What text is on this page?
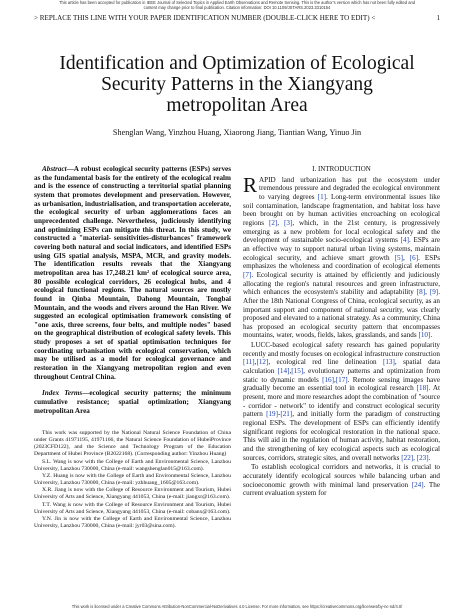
This article has been accepted for publication in IEEE Journal of Selected Topics in Applied Earth Observations and Remote Sensing. This is the author's version which has not been fully edited and
content may change prior to final publication. Citation information: DOI 10.1109/JSTARS.2023.3310154
> REPLACE THIS LINE WITH YOUR PAPER IDENTIFICATION NUMBER (DOUBLE-CLICK HERE TO EDIT) <	1
Identification and Optimization of Ecological
Security Patterns in the Xiangyang
metropolitan Area
Shenglan Wang, Yinzhou Huang, Xiaorong Jiang, Tiantian Wang, Yinuo Jin

Abstract—A robust ecological security patterns (ESPs) serves as the fundamental basis for the entirety of the ecological realm and is the essence of constructing a territorial spatial planning system that promotes development and preservation. However, as urbanisation, industrialisation, and transportation accelerate, the ecological security of urban agglomerations faces an unprecedented challenge. Nevertheless, judiciously identifying and optimizing ESPs can mitigate this threat. In this study, we constructed a "material- sensitivities-disturbances" framework covering both natural and social indicators, and identified ESPs using GIS spatial analysis, MSPA, MCR, and gravity models. The identification results reveals that the Xiangyang metropolitan area has 17,248.21 km² of ecological source area, 80 possible ecological corridors, 26 ecological hubs, and 4 ecological functional regions. The natural sources are mostly found in Qinba Mountain, Dahong Mountain, Tongbai Mountain, and the woods and rivers around the Han River. We suggested an ecological optimisation framework consisting of "one axis, three screens, four belts, and multiple nodes" based on the geographical distribution of ecological safety levels. This study proposes a set of spatial optimisation techniques for coordinating urbanisation with ecological conservation, which may be utilised as a model for ecological governance and restoration in the Xiangyang metropolitan region and even throughout Central China.

Index Terms—ecological security patterns; the minimum cumulative resistance; spatial optimization; Xiangyang metropolitan Area

This work was supported by the National Natural Science Foundation of China under Grants 41971195, 41971166, the Natural Science Foundation of HubeiProvince (2023CFD122), and the Science and Technology Program of the Education Department of Hubei Province (B2022168). (Corresponding author: Yinzhou Huang)

S.L. Wang is now with the College of Earth and Environmental Science, Lanzhou University, Lanzhou 730000, China (e-mail: wangshenglan015@163.com).

Y.Z. Huang is now with the College of Earth and Environmental Science, Lanzhou University, Lanzhou 730000, China (e-mail: yzhhuang_1605@163.com).

X.R. Jiang is now with the College of Resource Environment and Tourism, Hubei University of Arts and Science, Xiangyang 441053, China (e-mail: jiangxr@163.com).

T.T. Wang is now with the College of Resource Environment and Tourism, Hubei University of Arts and Science, Xiangyang 441053, China (e-mail: cobanx@163.com).

Y.N. Jin is now with the College of Earth and Environmental Science, Lanzhou University, Lanzhou 730000, China (e-mail: jyr03@sina.com).

I. INTRODUCTION

RAPID land urbanization has put the ecosystem under tremendous pressure and degraded the ecological environment to varying degrees [1]. Long-term environmental issues like soil contamination, landscape fragmentation, and habitat loss have been brought on by human activities encroaching on ecological regions [2], [3], which, in the 21st century, is progressively emerging as a new problem for local ecological safety and the development of sustainable socio-ecological systems [4]. ESPs are an effective way to support natural urban living systems, maintain ecological security, and achieve smart growth [5], [6]. ESPs emphasizes the wholeness and coordination of ecological elements [7]. Ecological security is attained by efficiently and judiciously allocating the region's natural resources and green infrastructure, which enhances the ecosystem's stability and adaptability [8], [9]. After the 18th National Congress of China, ecological security, as an important support and component of national security, was clearly proposed and elevated to a national strategy. As a community, China has proposed an ecological security pattern that encompasses mountains, water, woods, fields, lakes, grasslands, and sands [10].

LUCC-based ecological safety research has gained popularity recently and mostly focuses on ecological infrastructure construction [11],[12], ecological red line delineation [13], spatial data calculation [14],[15], evolutionary patterns and optimization from static to dynamic models [16],[17]. Remote sensing images have gradually become an essential tool in ecological research [18]. At present, more and more researches adopt the combination of "source - corridor - network" to identify and construct ecological security pattern [19]-[21], and initially form the paradigm of constructing regional ESPs. The development of ESPs can efficiently identify significant regions for ecological restoration in the national space. This will aid in the regulation of human activity, habitat restoration, and the strengthening of key ecological aspects such as ecological sources, corridors, strategic sites, and overall networks [22], [23].

To establish ecological corridors and networks, it is crucial to accurately identify ecological sources while balancing urban and socioeconomic growth with minimal land preservation [24]. The current evaluation system for

This work is licensed under a Creative Commons Attribution-NonCommercial-NoDerivatives 4.0 License. For more information, see https://creativecommons.org/licenses/by-nc-nd/4.0/
